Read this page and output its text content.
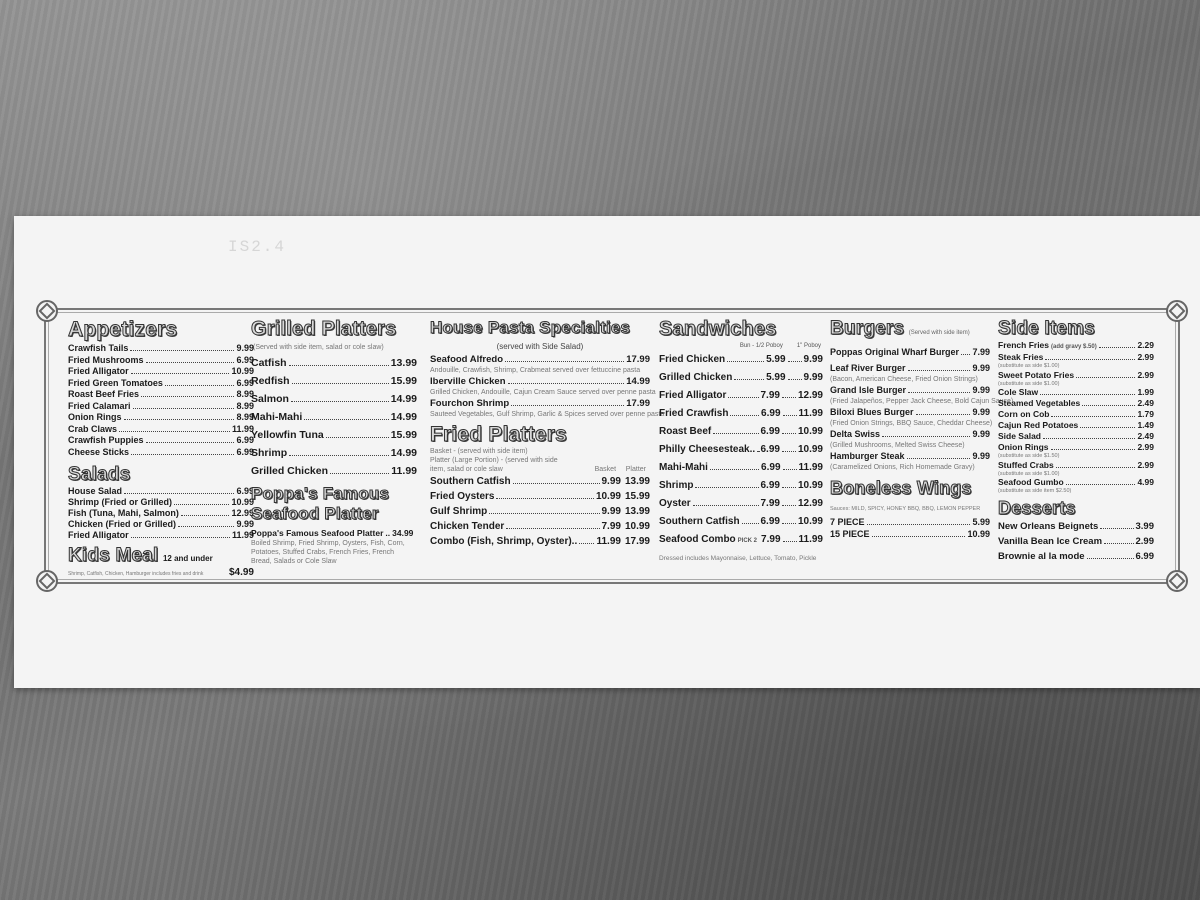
IS2.4
Appetizers
Crawfish Tails	9.99
Fried Mushrooms	6.99
Fried Alligator	10.99
Fried Green Tomatoes	6.99
Roast Beef Fries	8.99
Fried Calamari	8.99
Onion Rings	8.99
Crab Claws	11.99
Crawfish Puppies	6.99
Cheese Sticks	6.99
Salads
House Salad	6.99
Shrimp (Fried or Grilled)	10.99
Fish (Tuna, Mahi, Salmon)	12.99
Chicken (Fried or Grilled)	9.99
Fried Alligator	11.99
Kids Meal 12 and under
Shrimp, Catfish, Chicken, Hamburger includes fries and drink	$4.99
Grilled Platters
(Served with side item, salad or cole slaw)
Catfish	13.99
Redfish	15.99
Salmon	14.99
Mahi-Mahi	14.99
Yellowfin Tuna	15.99
Shrimp	14.99
Grilled Chicken	11.99
Poppa's Famous
Seafood Platter
Poppa's Famous Seafood Platter .. 34.99
Boiled Shrimp, Fried Shrimp, Oysters, Fish, Corn, Potatoes, Stuffed Crabs, French Fries, French Bread, Salads or Cole Slaw
House Pasta Specialties
(served with Side Salad)
Seafood Alfredo	17.99
Andouille, Crawfish, Shrimp, Crabmeat served over fettuccine pasta
Iberville Chicken	14.99
Grilled Chicken, Andouille, Cajun Cream Sauce served over penne pasta
Fourchon Shrimp	17.99
Sauteed Vegetables, Gulf Shrimp, Garlic & Spices served over penne pasta
Fried Platters
Basket - (served with side item)
Platter (Large Portion) - (served with side
item, salad or cole slaw	Basket Platter
Southern Catfish	9.99 13.99
Fried Oysters	10.99 15.99
Gulf Shrimp	9.99 13.99
Chicken Tender	7.99 10.99
Combo (Fish, Shrimp, Oyster).. 11.99 17.99
Sandwiches
Bun - 1/2 Poboy 1" Poboy
Fried Chicken	5.99 9.99
Grilled Chicken	5.99 9.99
Fried Alligator	7.99 12.99
Fried Crawfish	6.99 11.99
Roast Beef	6.99 10.99
Philly Cheesesteak.. 6.99 10.99
Mahi-Mahi	6.99 11.99
Shrimp	6.99 10.99
Oyster	7.99 12.99
Southern Catfish 6.99 10.99
Seafood Combo PICK 2 7.99 11.99
Dressed includes Mayonnaise, Lettuce, Tomato, Pickle
Burgers (Served with side item)
Poppas Original Wharf Burger 7.99
Leaf River Burger	9.99
(Bacon, American Cheese, Fried Onion Strings)
Grand Isle Burger	9.99
(Fried Jalapeños, Pepper Jack Cheese, Bold Cajun Sauce)
Biloxi Blues Burger	9.99
(Fried Onion Strings, BBQ Sauce, Cheddar Cheese)
Delta Swiss	9.99
(Grilled Mushrooms, Melted Swiss Cheese)
Hamburger Steak	9.99
(Caramelized Onions, Rich Homemade Gravy)
Boneless Wings
Sauces: MILD, SPICY, HONEY BBQ, BBQ, LEMON PEPPER
7 PIECE	5.99
15 PIECE	10.99
Side Items
French Fries (add gravy $.50)	2.29
Steak Fries	2.99
(substitute as side $1.00)
Sweet Potato Fries	2.99
(substitute as side $1.00)
Cole Slaw	1.99
Steamed Vegetables	2.49
Corn on Cob	1.79
Cajun Red Potatoes	1.49
Side Salad	2.49
Onion Rings	2.99
(substitute as side $1.50)
Stuffed Crabs	2.99
(substitute as side $1.00)
Seafood Gumbo	4.99
(substitute as side item $2.50)
Desserts
New Orleans Beignets	3.99
Vanilla Bean Ice Cream	2.99
Brownie al la mode	6.99
